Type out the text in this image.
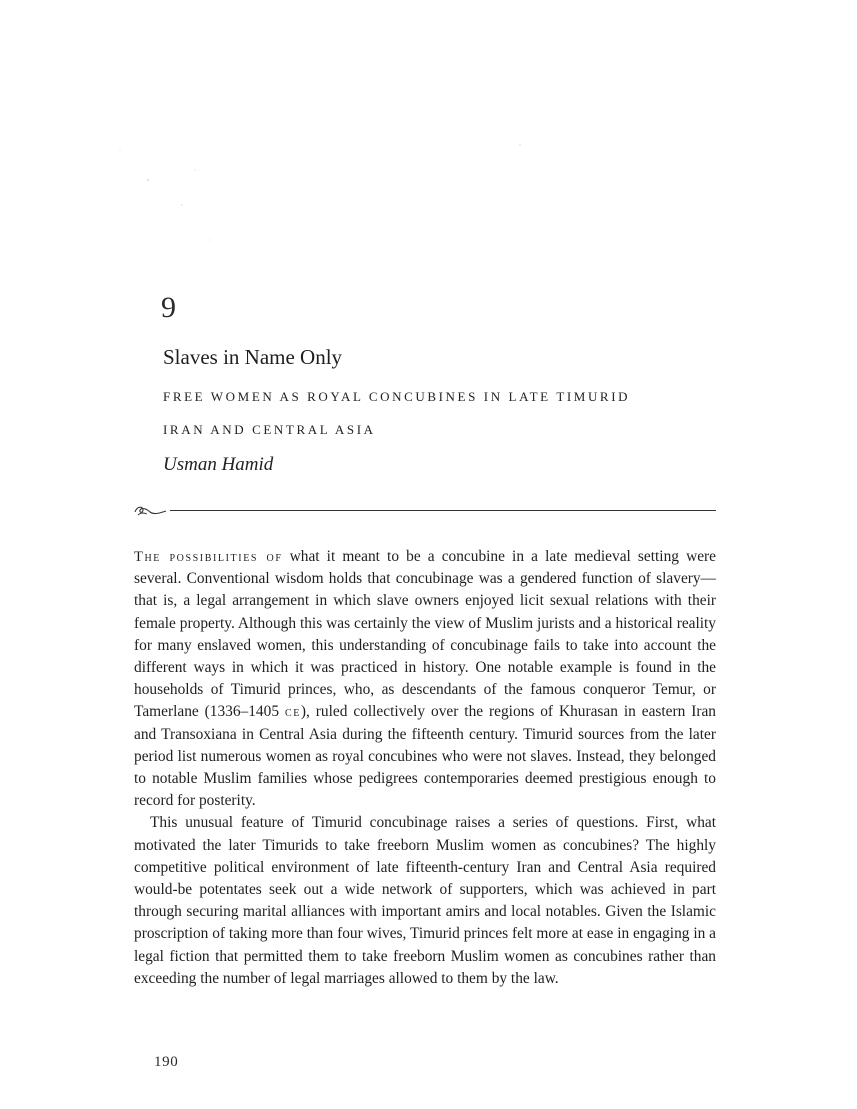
9
Slaves in Name Only
FREE WOMEN AS ROYAL CONCUBINES IN LATE TIMURID
IRAN AND CENTRAL ASIA
Usman Hamid

The possibilities of what it meant to be a concubine in a late medieval setting were several. Conventional wisdom holds that concubinage was a gendered function of slavery—that is, a legal arrangement in which slave owners enjoyed licit sexual relations with their female property. Although this was certainly the view of Muslim jurists and a historical reality for many enslaved women, this understanding of concubinage fails to take into account the different ways in which it was practiced in history. One notable example is found in the households of Timurid princes, who, as descendants of the famous conqueror Temur, or Tamerlane (1336–1405 ce), ruled collectively over the regions of Khurasan in eastern Iran and Transoxiana in Central Asia during the fifteenth century. Timurid sources from the later period list numerous women as royal concubines who were not slaves. Instead, they belonged to notable Muslim families whose pedigrees contemporaries deemed prestigious enough to record for posterity.

This unusual feature of Timurid concubinage raises a series of questions. First, what motivated the later Timurids to take freeborn Muslim women as concubines? The highly competitive political environment of late fifteenth-century Iran and Central Asia required would-be potentates seek out a wide network of supporters, which was achieved in part through securing marital alliances with important amirs and local notables. Given the Islamic proscription of taking more than four wives, Timurid princes felt more at ease in engaging in a legal fiction that permitted them to take freeborn Muslim women as concubines rather than exceeding the number of legal marriages allowed to them by the law.

190
